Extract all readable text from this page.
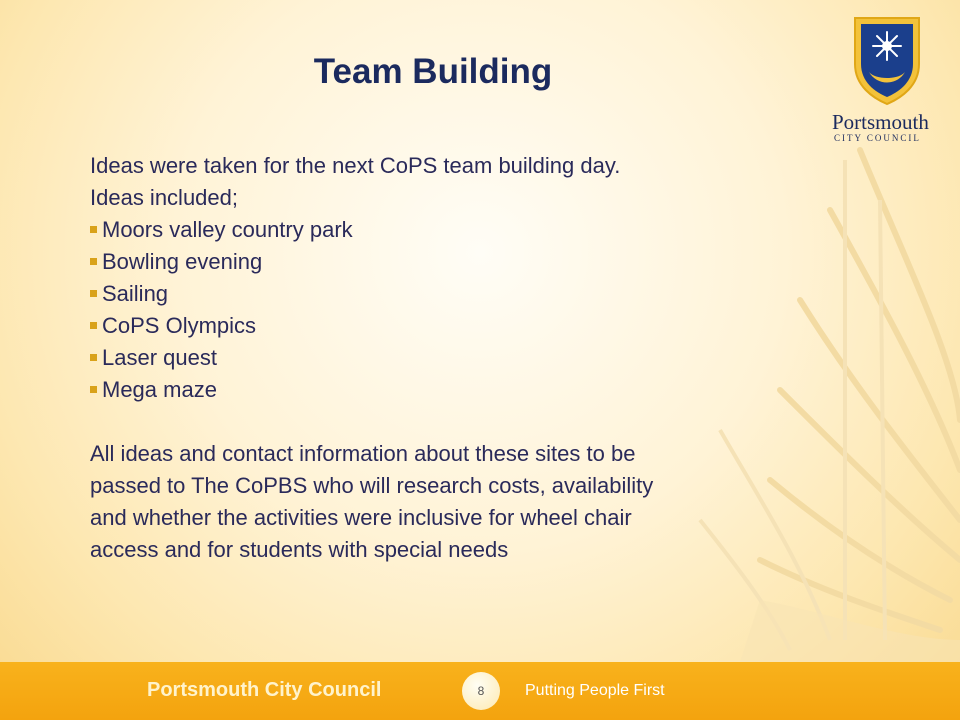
Team Building
Portsmouth
CITY COUNCIL

Ideas were taken for the next CoPS team building day.

Ideas included;

Moors valley country park
Bowling evening
Sailing
CoPS Olympics
Laser quest
Mega maze

All ideas and contact information about these sites to be

passed to The CoPBS who will research costs, availability

and whether the activities were inclusive for wheel chair

access and for students with special needs

Portsmouth City Council	8	Putting People First
